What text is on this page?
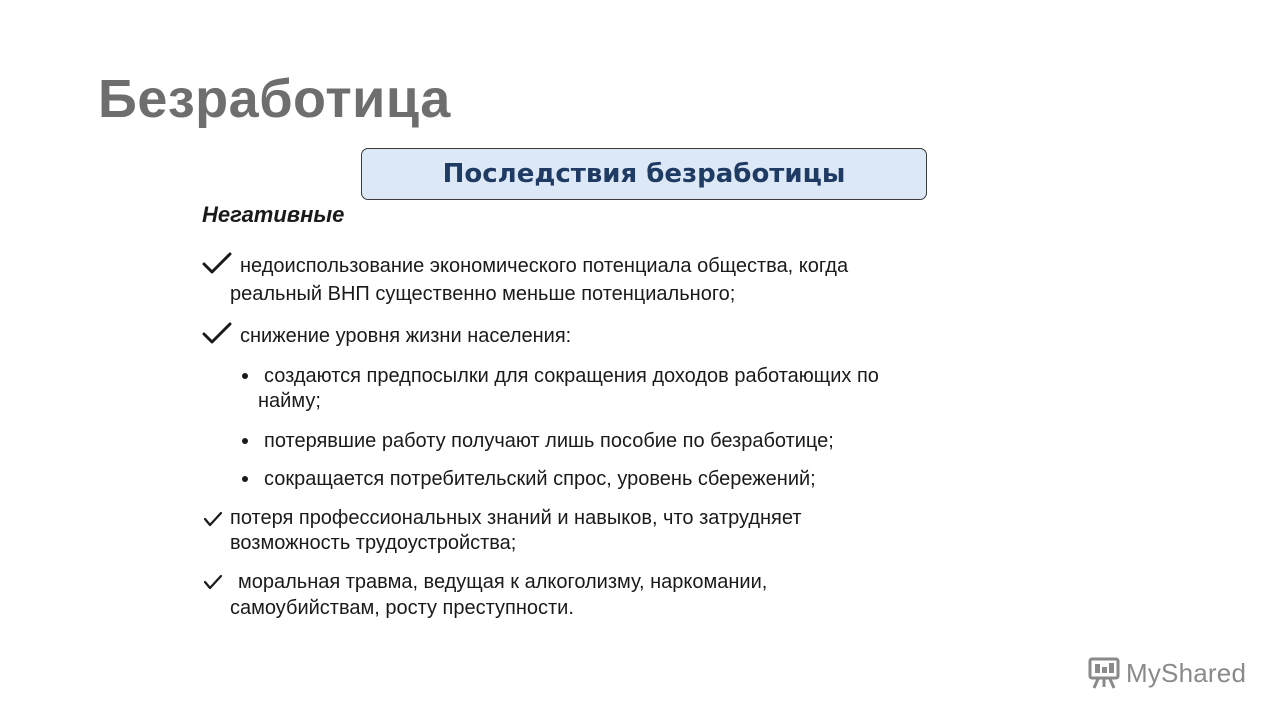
Безработица
Последствия безработицы
Негативные
недоиспользование экономического потенциала общества, когда
реальный ВНП существенно меньше потенциального;
снижение уровня жизни населения:
создаются предпосылки для сокращения доходов работающих по
найму;
потерявшие работу получают лишь пособие по безработице;
сокращается потребительский спрос, уровень сбережений;
потеря профессиональных знаний и навыков, что затрудняет
возможность трудоустройства;
моральная травма, ведущая к алкоголизму, наркомании,
самоубийствам, росту преступности.
MyShared
